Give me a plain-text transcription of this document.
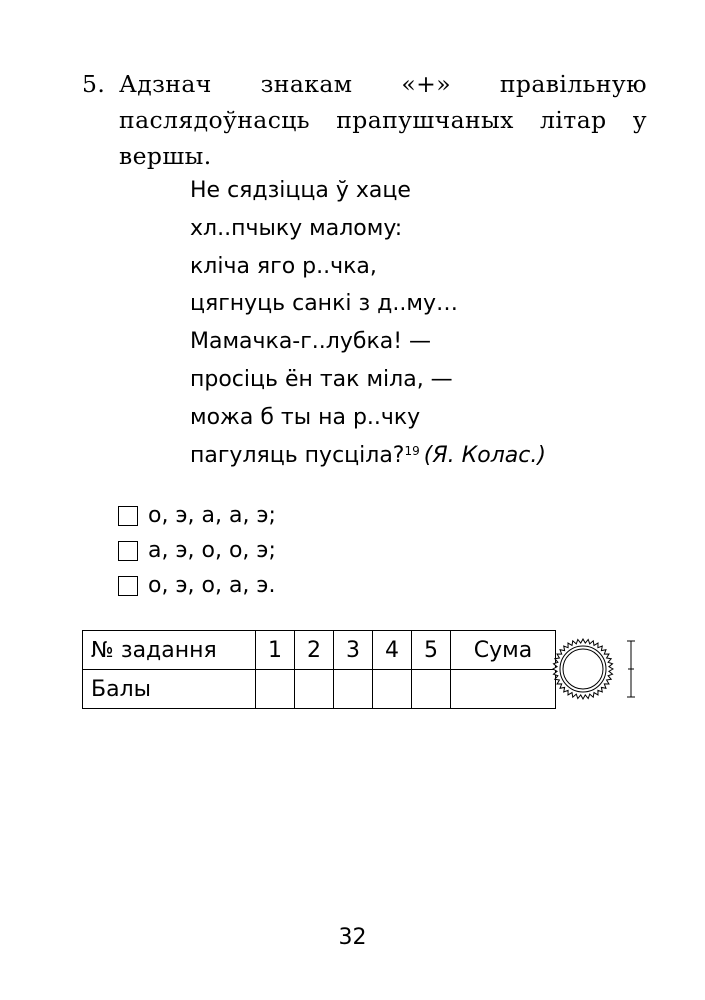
5. Адзнач знакам «+» правільную паслядоўнасць прапушчаных літар у вершы.
Не сядзіцца ў хаце
хл..пчыку маломy:
кліча яго р..чка,
цягнуць санкі з д..мy…
Мамачка-г..лубка! —
просіць ён так міла, —
можа б ты на р..чку
пагуляць пусціла?$^{19}$ (Я. Колас.)
о, э, а, а, э;
а, э, о, о, э;
о, э, о, а, э.
№ задання	1	2	3	4	5	Сума
Балы						
32
